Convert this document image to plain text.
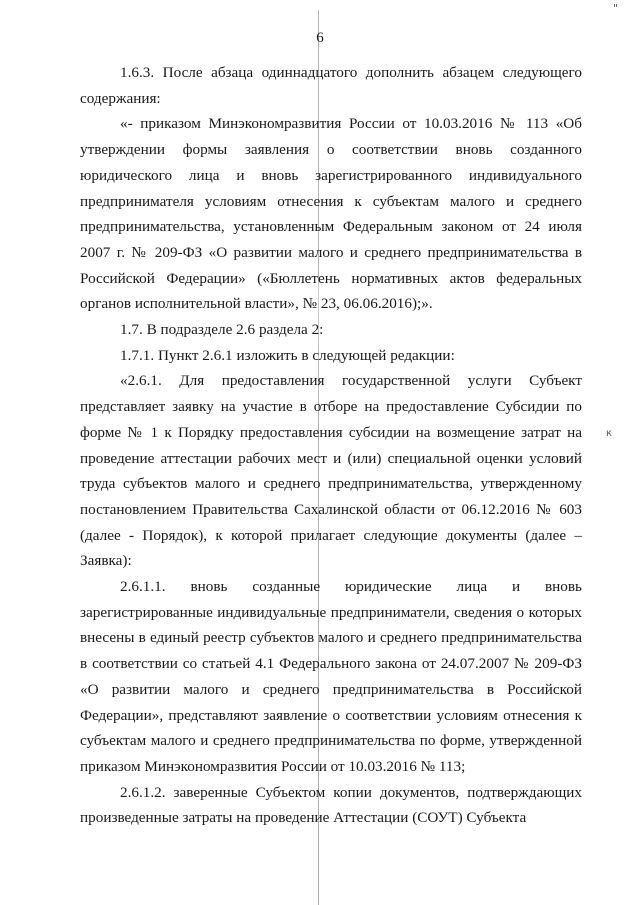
"
к
6

1.6.3. После абзаца одиннадцатого дополнить абзацем следующего содержания:

«- приказом Минэкономразвития России от 10.03.2016 № 113 «Об утверждении формы заявления о соответствии вновь созданного юридического лица и вновь зарегистрированного индивидуального предпринимателя условиям отнесения к субъектам малого и среднего предпринимательства, установленным Федеральным законом от 24 июля 2007 г. № 209-ФЗ «О развитии малого и среднего предпринимательства в Российской Федерации» («Бюллетень нормативных актов федеральных органов исполнительной власти», № 23, 06.06.2016);».

1.7. В подразделе 2.6 раздела 2:

1.7.1. Пункт 2.6.1 изложить в следующей редакции:

«2.6.1. Для предоставления государственной услуги Субъект представляет заявку на участие в отборе на предоставление Субсидии по форме № 1 к Порядку предоставления субсидии на возмещение затрат на проведение аттестации рабочих мест и (или) специальной оценки условий труда субъектов малого и среднего предпринимательства, утвержденному постановлением Правительства Сахалинской области от 06.12.2016 № 603 (далее - Порядок), к которой прилагает следующие документы (далее – Заявка):

2.6.1.1. вновь созданные юридические лица и вновь зарегистрированные индивидуальные предприниматели, сведения о которых внесены в единый реестр субъектов малого и среднего предпринимательства в соответствии со статьей 4.1 Федерального закона от 24.07.2007 № 209-ФЗ «О развитии малого и среднего предпринимательства в Российской Федерации», представляют заявление о соответствии условиям отнесения к субъектам малого и среднего предпринимательства по форме, утвержденной приказом Минэкономразвития России от 10.03.2016 № 113;

2.6.1.2. заверенные Субъектом копии документов, подтверждающих произведенные затраты на проведение Аттестации (СОУТ) Субъекта
